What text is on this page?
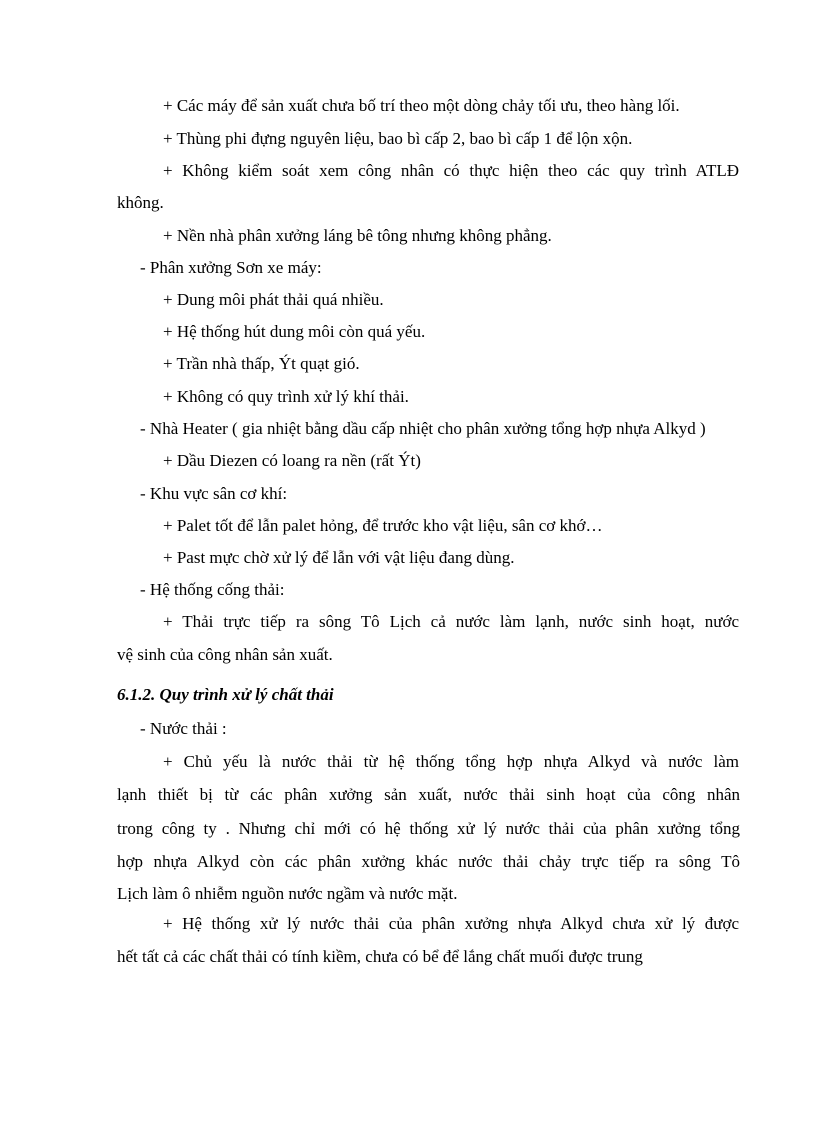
+ Các máy để sản xuất chưa bố trí theo một dòng chảy tối ưu, theo hàng lối.
+ Thùng phi đựng nguyên liệu, bao bì cấp 2, bao bì cấp 1 để lộn xộn.
+ Không kiểm soát xem công nhân có thực hiện theo các quy trình ATLĐ
không.
+ Nền nhà phân xưởng láng bê tông nhưng không phẳng.
- Phân xưởng Sơn xe máy:
+ Dung môi phát thải quá nhiều.
+ Hệ thống hút dung môi còn quá yếu.
+ Trần nhà thấp, Ýt quạt gió.
+ Không có quy trình xử lý khí thải.
- Nhà Heater ( gia nhiệt bằng dầu cấp nhiệt cho phân xưởng tổng hợp nhựa Alkyd )
+ Dầu Diezen có loang ra nền (rất Ýt)
- Khu vực sân cơ khí:
+ Palet tốt để lẫn palet hỏng, để trước kho vật liệu, sân cơ khớ…
+ Past mực chờ xử lý để lẫn với vật liệu đang dùng.
- Hệ thống cống thải:
+ Thải trực tiếp ra sông Tô Lịch cả nước làm lạnh, nước sinh hoạt, nước
vệ sinh của công nhân sản xuất.
6.1.2. Quy trình xử lý chất thải
- Nước thải :
+ Chủ yếu là nước thải từ hệ thống tổng hợp nhựa Alkyd và nước làm
lạnh thiết bị từ các phân xưởng sản xuất, nước thải sinh hoạt của công nhân
trong công ty . Nhưng chỉ mới có hệ thống xử lý nước thải của phân xưởng tổng
hợp nhựa Alkyd còn các phân xưởng khác nước thải chảy trực tiếp ra sông Tô
Lịch làm ô nhiễm nguồn nước ngầm và nước mặt.
+ Hệ thống xử lý nước thải của phân xưởng nhựa Alkyd chưa xử lý được
hết tất cả các chất thải có tính kiềm, chưa có bể để lắng chất muối được trung
